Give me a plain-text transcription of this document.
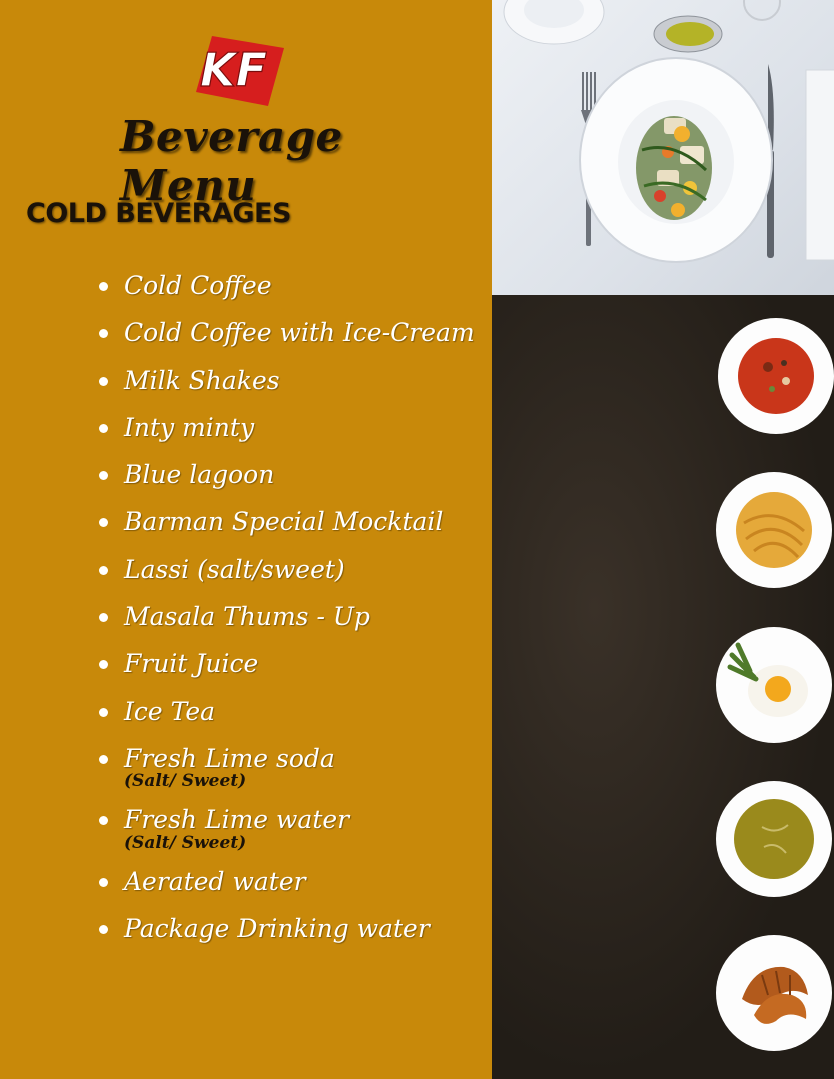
KF
Beverage Menu
COLD BEVERAGES
Cold Coffee
Cold Coffee with Ice-Cream
Milk Shakes
Inty minty
Blue lagoon
Barman Special Mocktail
Lassi (salt/sweet)
Masala Thums - Up
Fruit Juice
Ice Tea
Fresh Lime soda
(Salt/ Sweet)
Fresh Lime water
(Salt/ Sweet)
Aerated water
Package Drinking water
